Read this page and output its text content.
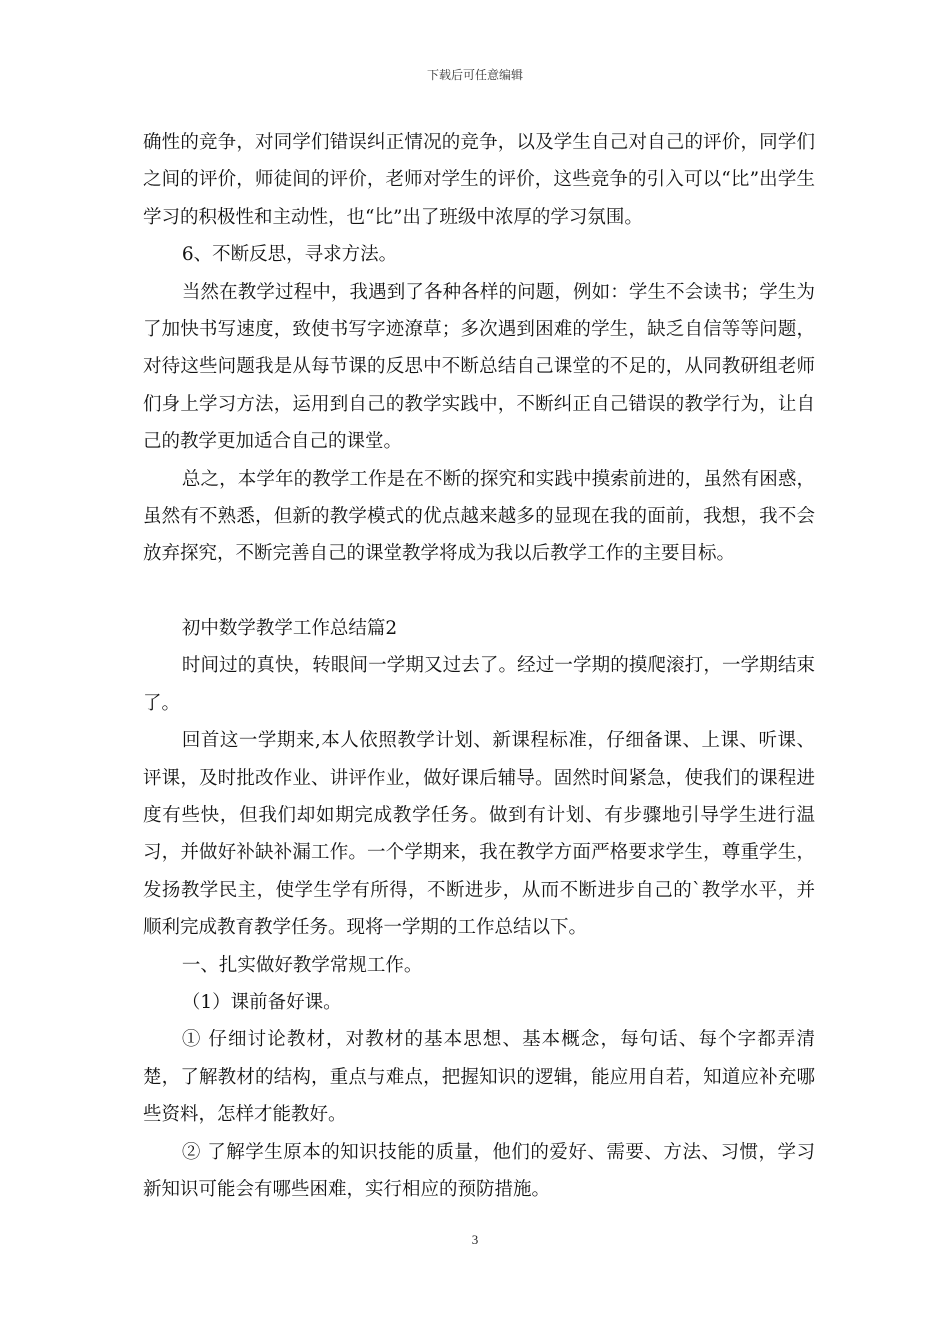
下载后可任意编辑

确性的竞争，对同学们错误纠正情况的竞争，以及学生自己对自己的评价，同学们之间的评价，师徒间的评价，老师对学生的评价，这些竞争的引入可以“比”出学生学习的积极性和主动性，也“比”出了班级中浓厚的学习氛围。

6、不断反思，寻求方法。

当然在教学过程中，我遇到了各种各样的问题，例如：学生不会读书；学生为了加快书写速度，致使书写字迹潦草；多次遇到困难的学生，缺乏自信等等问题，对待这些问题我是从每节课的反思中不断总结自己课堂的不足的，从同教研组老师们身上学习方法，运用到自己的教学实践中，不断纠正自己错误的教学行为，让自己的教学更加适合自己的课堂。

总之，本学年的教学工作是在不断的探究和实践中摸索前进的，虽然有困惑，虽然有不熟悉，但新的教学模式的优点越来越多的显现在我的面前，我想，我不会放弃探究，不断完善自己的课堂教学将成为我以后教学工作的主要目标。

初中数学教学工作总结篇2

时间过的真快，转眼间一学期又过去了。经过一学期的摸爬滚打，一学期结束了。

回首这一学期来,本人依照教学计划、新课程标准，仔细备课、上课、听课、评课，及时批改作业、讲评作业，做好课后辅导。固然时间紧急，使我们的课程进度有些快，但我们却如期完成教学任务。做到有计划、有步骤地引导学生进行温习，并做好补缺补漏工作。一个学期来，我在教学方面严格要求学生，尊重学生，发扬教学民主，使学生学有所得，不断进步，从而不断进步自己的`教学水平，并顺利完成教育教学任务。现将一学期的工作总结以下。

一、扎实做好教学常规工作。

（1）课前备好课。

① 仔细讨论教材，对教材的基本思想、基本概念，每句话、每个字都弄清楚，了解教材的结构，重点与难点，把握知识的逻辑，能应用自若，知道应补充哪些资料，怎样才能教好。

② 了解学生原本的知识技能的质量，他们的爱好、需要、方法、习惯，学习新知识可能会有哪些困难，实行相应的预防措施。

3
